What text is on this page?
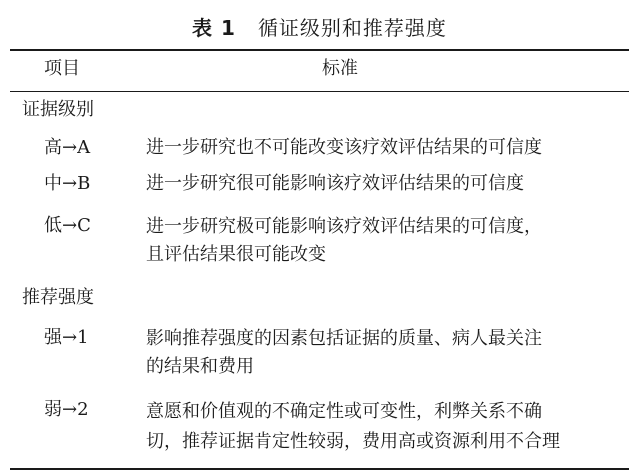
表 1 循证级别和推荐强度
项目	标准
证据级别
高→A	进一步研究也不可能改变该疗效评估结果的可信度
中→B	进一步研究很可能影响该疗效评估结果的可信度
低→C	进一步研究极可能影响该疗效评估结果的可信度，
且评估结果很可能改变
推荐强度
强→1	影响推荐强度的因素包括证据的质量、病人最关注
的结果和费用
弱→2	意愿和价值观的不确定性或可变性，利弊关系不确
切，推荐证据肯定性较弱，费用高或资源利用不合理
